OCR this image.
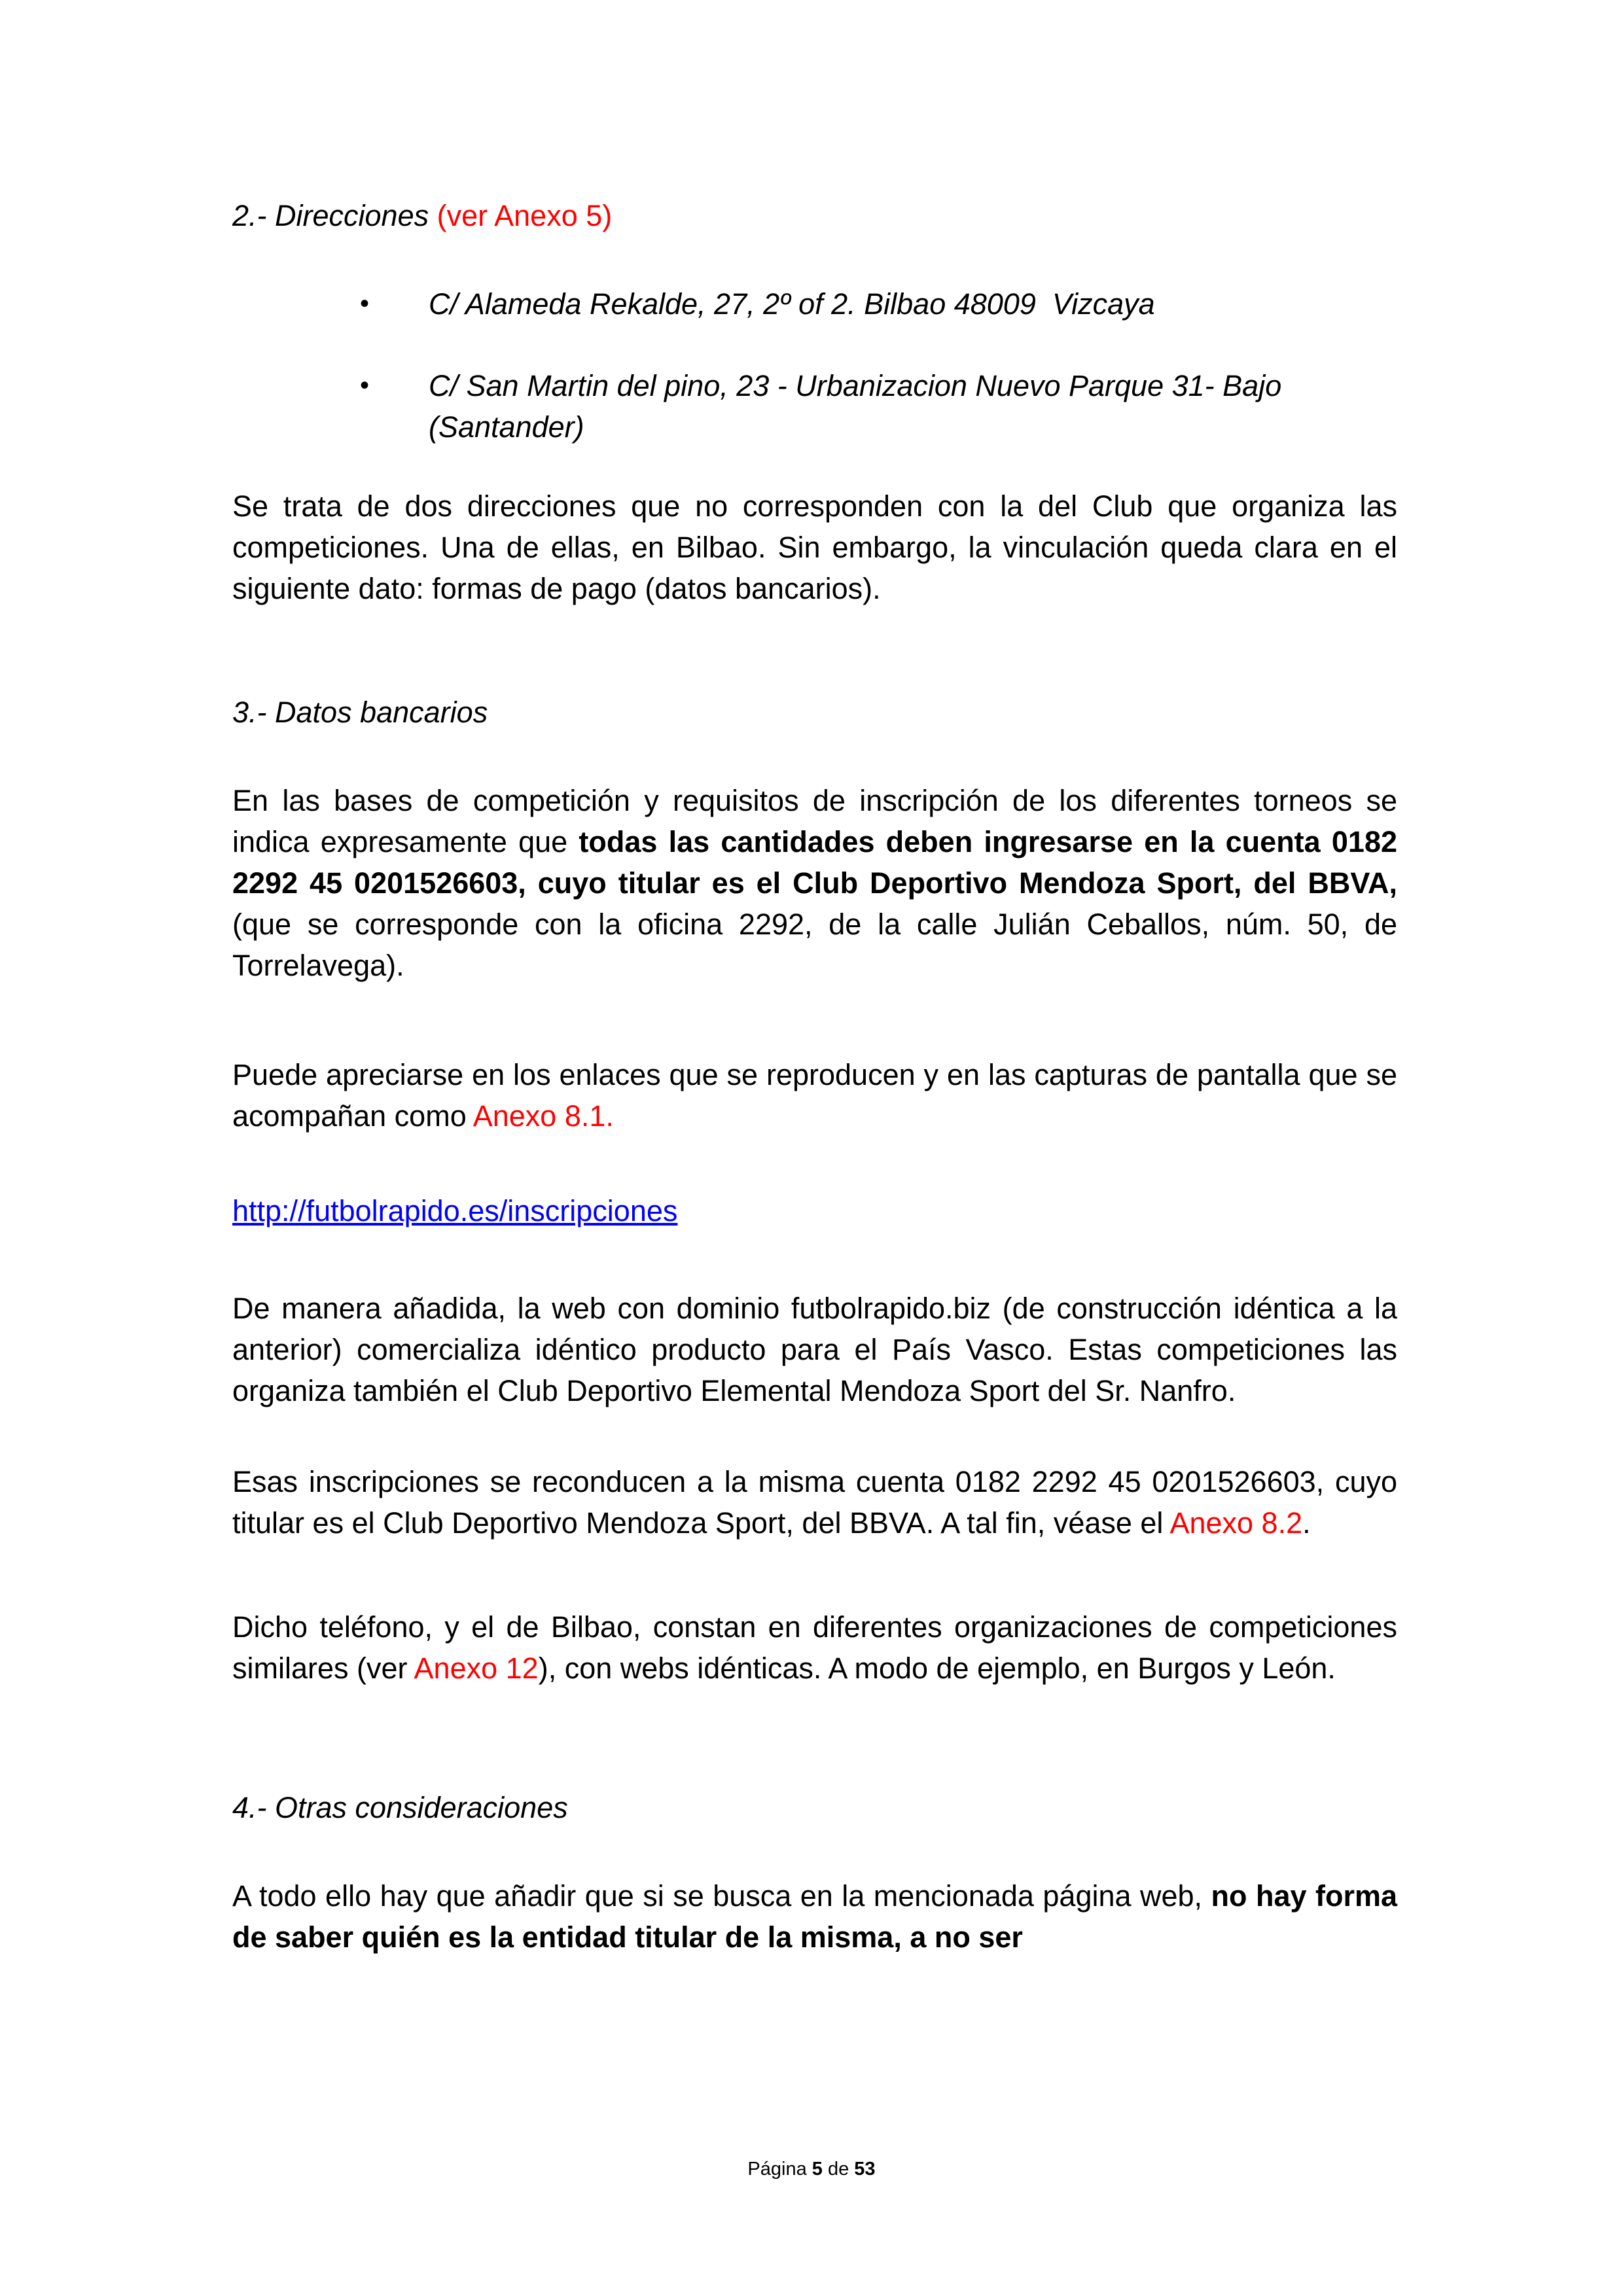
2.- Direcciones (ver Anexo 5)
• C/ Alameda Rekalde, 27, 2º of 2. Bilbao 48009  Vizcaya
• C/ San Martin del pino, 23 - Urbanizacion Nuevo Parque 31- Bajo (Santander)

Se trata de dos direcciones que no corresponden con la del Club que organiza las competiciones. Una de ellas, en Bilbao. Sin embargo, la vinculación queda clara en el siguiente dato: formas de pago (datos bancarios).

3.- Datos bancarios

En las bases de competición y requisitos de inscripción de los diferentes torneos se indica expresamente que todas las cantidades deben ingresarse en la cuenta 0182 2292 45 0201526603, cuyo titular es el Club Deportivo Mendoza Sport, del BBVA, (que se corresponde con la oficina 2292, de la calle Julián Ceballos, núm. 50, de Torrelavega).

Puede apreciarse en los enlaces que se reproducen y en las capturas de pantalla que se acompañan como Anexo 8.1.

http://futbolrapido.es/inscripciones

De manera añadida, la web con dominio futbolrapido.biz (de construcción idéntica a la anterior) comercializa idéntico producto para el País Vasco. Estas competiciones las organiza también el Club Deportivo Elemental Mendoza Sport del Sr. Nanfro.

Esas inscripciones se reconducen a la misma cuenta 0182 2292 45 0201526603, cuyo titular es el Club Deportivo Mendoza Sport, del BBVA. A tal fin, véase el Anexo 8.2.

Dicho teléfono, y el de Bilbao, constan en diferentes organizaciones de competiciones similares (ver Anexo 12), con webs idénticas. A modo de ejemplo, en Burgos y León.

4.- Otras consideraciones

A todo ello hay que añadir que si se busca en la mencionada página web, no hay forma de saber quién es la entidad titular de la misma, a no ser

Página 5 de 53
